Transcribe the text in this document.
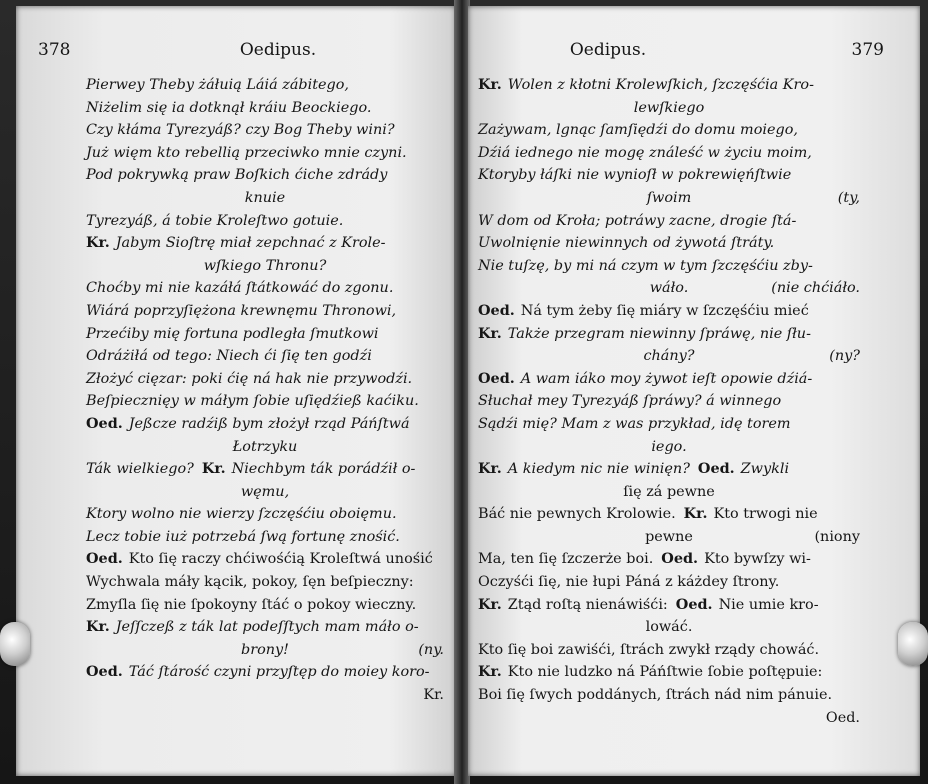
378	Oedipus.
Pierwey Theby żáłuią Láiá zábitego,
Niżelim się ia dotknął kráiu Beockiego.
Czy kłáma Tyrezyáß? czy Bog Theby wini?
Już więm kto rebellią przeciwko mnie czyni.
Pod pokrywką praw Boſkich ćiche zdrády
knuie
Tyrezyáß, á tobie Kroleſtwo gotuie.
Kr. Jabym Sioſtrę miał zepchnać z Krole-
wſkiego Thronu?
Choćby mi nie kazáłá ſtátkowáć do zgonu.
Wiárá poprzyſiężona krewnęmu Thronowi,
Przećiby mię fortuna podległa ſmutkowi
Odráżiłá od tego: Niech ći ſię ten godźi
Złożyć cięzar: poki ćię ná hak nie przywodźi.
Beſpiecznięy w máłym ſobie uſiędźieß kaćiku.
Oed. Jeßcze radźiß bym złożył rząd Páńſtwá
Łotrzyku
Ták wielkiego? Kr. Niechbym ták porádźił o-
węmu,
Ktory wolno nie wierzy ſzczęśćiu oboięmu.
Lecz tobie iuż potrzebá ſwą fortunę znośić.
Oed. Kto ſię raczy chćiwośćią Kroleſtwá unośić
Wychwala máły kącik, pokoy, ſęn beſpieczny:
Zmyſla ſię nie ſpokoyny ſtáć o pokoy wieczny.
Kr. Jeſſczeß z ták lat podeſſtych mam máło o-
brony!	(ny.
Oed. Táć ſtárość czyni przyſtęp do moiey koro-
Kr.
Oedipus.	379
Kr. Wolen z kłotni Krolewſkich, ſzczęśćia Kro-
lewſkiego
Zażywam, lgnąc ſamſiędźi do domu moiego,
Dźiá iednego nie mogę ználeść w życiu moim,
Ktoryby łáſki nie wynioſł w pokrewięńſtwie
ſwoim	(ty,
W dom od Kroła; potráwy zacne, drogie ſtá-
Uwolnięnie niewinnych od żywotá ſtráty.
Nie tuſzę, by mi ná czym w tym ſzczęśćiu zby-
wáło.	(nie chćiáło.
Oed. Ná tym żeby ſię miáry w ſzczęśćiu mieć
Kr. Także przegram niewinny ſpráwę, nie ſłu-
chány?	(ny?
Oed. A wam iáko moy żywot ieſt opowie dźiá-
Słuchał mey Tyrezyáß ſpráwy? á winnego
Sądźi mię? Mam z was przykład, idę torem
iego.
Kr. A kiedym nic nie winięn? Oed. Zwykli
ſię zá pewne
Báć nie pewnych Krolowie. Kr. Kto trwogi nie
pewne	(niony
Ma, ten ſię ſzczerże boi. Oed. Kto bywſzy wi-
Oczyśći ſię, nie łupi Páná z káżdey ſtrony.
Kr. Ztąd roſtą nienáwiśći: Oed. Nie umie kro-
lowáć.
Kto ſię boi zawiśći, ſtrách zwykł rządy chowáć.
Kr. Kto nie ludzko ná Páńſtwie ſobie poſtępuie:
Boi ſię ſwych poddánych, ſtrách nád nim pánuie.
Oed.
